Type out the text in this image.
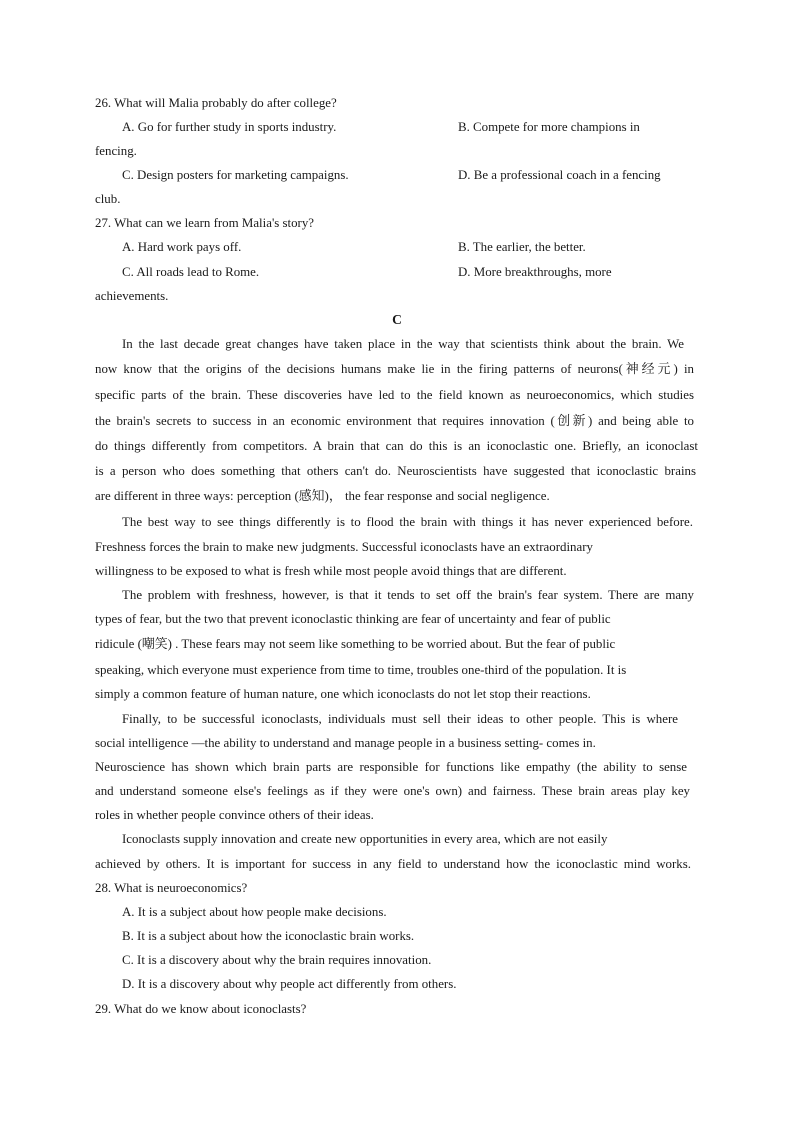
26. What will Malia probably do after college?
A. Go for further study in sports industry.	B. Compete for more champions in
fencing.
C. Design posters for marketing campaigns.	D. Be a professional coach in a fencing
club.
27. What can we learn from Malia's story?
A. Hard work pays off.	B. The earlier, the better.
C. All roads lead to Rome.	D. More breakthroughs, more
achievements.
C
In the last decade great changes have taken place in the way that scientists think about the brain. We
now know that the origins of the decisions humans make lie in the firing patterns of neurons(神经元) in
specific parts of the brain. These discoveries have led to the field known as neuroeconomics, which studies
the brain's secrets to success in an economic environment that requires innovation (创新) and being able to
do things differently from competitors. A brain that can do this is an iconoclastic one. Briefly, an iconoclast
is a person who does something that others can't do. Neuroscientists have suggested that iconoclastic brains
are different in three ways: perception (感知)， the fear response and social negligence.
The best way to see things differently is to flood the brain with things it has never experienced before.
Freshness forces the brain to make new judgments. Successful iconoclasts have an extraordinary
willingness to be exposed to what is fresh while most people avoid things that are different.
The problem with freshness, however, is that it tends to set off the brain's fear system. There are many
types of fear, but the two that prevent iconoclastic thinking are fear of uncertainty and fear of public
ridicule (嘲笑) . These fears may not seem like something to be worried about. But the fear of public
speaking, which everyone must experience from time to time, troubles one-third of the population. It is
simply a common feature of human nature, one which iconoclasts do not let stop their reactions.
Finally, to be successful iconoclasts, individuals must sell their ideas to other people. This is where
social intelligence —the ability to understand and manage people in a business setting- comes in.
Neuroscience has shown which brain parts are responsible for functions like empathy (the ability to sense
and understand someone else's feelings as if they were one's own) and fairness. These brain areas play key
roles in whether people convince others of their ideas.
Iconoclasts supply innovation and create new opportunities in every area, which are not easily
achieved by others. It is important for success in any field to understand how the iconoclastic mind works.
28. What is neuroeconomics?
A. It is a subject about how people make decisions.
B. It is a subject about how the iconoclastic brain works.
C. It is a discovery about why the brain requires innovation.
D. It is a discovery about why people act differently from others.
29. What do we know about iconoclasts?
